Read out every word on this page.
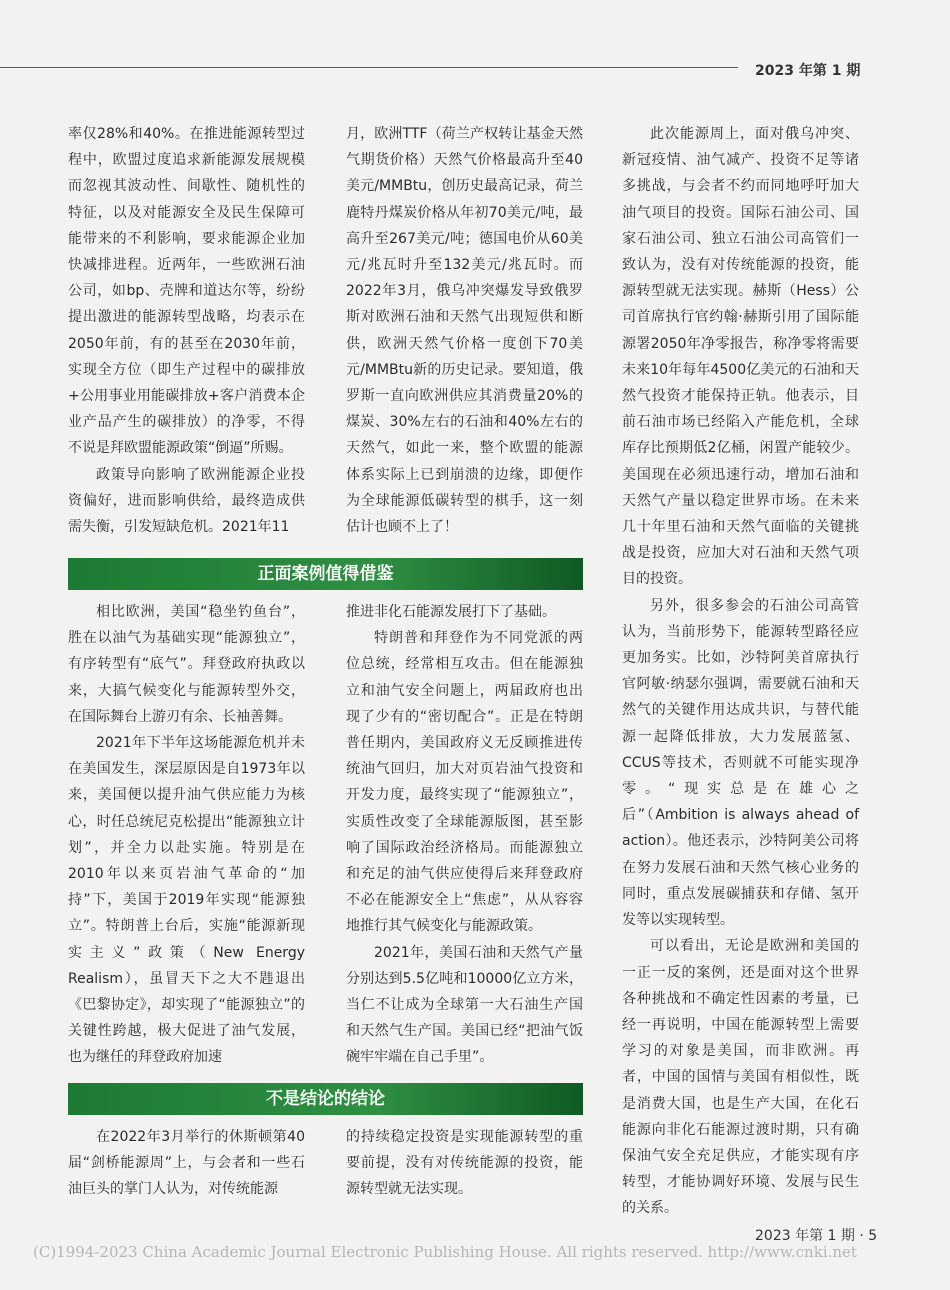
2023 年第 1 期

率仅28%和40%。在推进能源转型过程中，欧盟过度追求新能源发展规模而忽视其波动性、间歇性、随机性的特征，以及对能源安全及民生保障可能带来的不利影响，要求能源企业加快减排进程。近两年，一些欧洲石油公司，如bp、壳牌和道达尔等，纷纷提出激进的能源转型战略，均表示在2050年前，有的甚至在2030年前，实现全方位（即生产过程中的碳排放+公用事业用能碳排放+客户消费本企业产品产生的碳排放）的净零，不得不说是拜欧盟能源政策“倒逼”所赐。

政策导向影响了欧洲能源企业投资偏好，进而影响供给，最终造成供需失衡，引发短缺危机。2021年11

月，欧洲TTF（荷兰产权转让基金天然气期货价格）天然气价格最高升至40美元/MMBtu，创历史最高记录，荷兰鹿特丹煤炭价格从年初70美元/吨，最高升至267美元/吨；德国电价从60美元/兆瓦时升至132美元/兆瓦时。而2022年3月，俄乌冲突爆发导致俄罗斯对欧洲石油和天然气出现短供和断供，欧洲天然气价格一度创下70美元/MMBtu新的历史记录。要知道，俄罗斯一直向欧洲供应其消费量20%的煤炭、30%左右的石油和40%左右的天然气，如此一来，整个欧盟的能源体系实际上已到崩溃的边缘，即便作为全球能源低碳转型的棋手，这一刻估计也顾不上了！

正面案例值得借鉴

相比欧洲，美国“稳坐钓鱼台”，胜在以油气为基础实现“能源独立”，有序转型有“底气”。拜登政府执政以来，大搞气候变化与能源转型外交，在国际舞台上游刃有余、长袖善舞。

2021年下半年这场能源危机并未在美国发生，深层原因是自1973年以来，美国便以提升油气供应能力为核心，时任总统尼克松提出“能源独立计划”，并全力以赴实施。特别是在2010年以来页岩油气革命的“加持”下，美国于2019年实现“能源独立”。特朗普上台后，实施“能源新现实主义”政策（New Energy Realism），虽冒天下之大不韪退出《巴黎协定》，却实现了“能源独立”的关键性跨越，极大促进了油气发展，也为继任的拜登政府加速

推进非化石能源发展打下了基础。

特朗普和拜登作为不同党派的两位总统，经常相互攻击。但在能源独立和油气安全问题上，两届政府也出现了少有的“密切配合”。正是在特朗普任期内，美国政府义无反顾推进传统油气回归，加大对页岩油气投资和开发力度，最终实现了“能源独立”，实质性改变了全球能源版图，甚至影响了国际政治经济格局。而能源独立和充足的油气供应使得后来拜登政府不必在能源安全上“焦虑”，从从容容地推行其气候变化与能源政策。

2021年，美国石油和天然气产量分别达到5.5亿吨和10000亿立方米，当仁不让成为全球第一大石油生产国和天然气生产国。美国已经“把油气饭碗牢牢端在自己手里”。

不是结论的结论

在2022年3月举行的休斯顿第40届“剑桥能源周”上，与会者和一些石油巨头的掌门人认为，对传统能源

的持续稳定投资是实现能源转型的重要前提，没有对传统能源的投资，能源转型就无法实现。

此次能源周上，面对俄乌冲突、新冠疫情、油气减产、投资不足等诸多挑战，与会者不约而同地呼吁加大油气项目的投资。国际石油公司、国家石油公司、独立石油公司高管们一致认为，没有对传统能源的投资，能源转型就无法实现。赫斯（Hess）公司首席执行官约翰·赫斯引用了国际能源署2050年净零报告，称净零将需要未来10年每年4500亿美元的石油和天然气投资才能保持正轨。他表示，目前石油市场已经陷入产能危机，全球库存比预期低2亿桶，闲置产能较少。美国现在必须迅速行动，增加石油和天然气产量以稳定世界市场。在未来几十年里石油和天然气面临的关键挑战是投资，应加大对石油和天然气项目的投资。

另外，很多参会的石油公司高管认为，当前形势下，能源转型路径应更加务实。比如，沙特阿美首席执行官阿敏·纳瑟尔强调，需要就石油和天然气的关键作用达成共识，与替代能源一起降低排放，大力发展蓝氢、CCUS等技术，否则就不可能实现净零。“现实总是在雄心之后”（Ambition is always ahead of action）。他还表示，沙特阿美公司将在努力发展石油和天然气核心业务的同时，重点发展碳捕获和存储、氢开发等以实现转型。

可以看出，无论是欧洲和美国的一正一反的案例，还是面对这个世界各种挑战和不确定性因素的考量，已经一再说明，中国在能源转型上需要学习的对象是美国，而非欧洲。再者，中国的国情与美国有相似性，既是消费大国，也是生产大国，在化石能源向非化石能源过渡时期，只有确保油气安全充足供应，才能实现有序转型，才能协调好环境、发展与民生的关系。

2023 年第 1 期 · 5
(C)1994-2023 China Academic Journal Electronic Publishing House. All rights reserved. http://www.cnki.net
